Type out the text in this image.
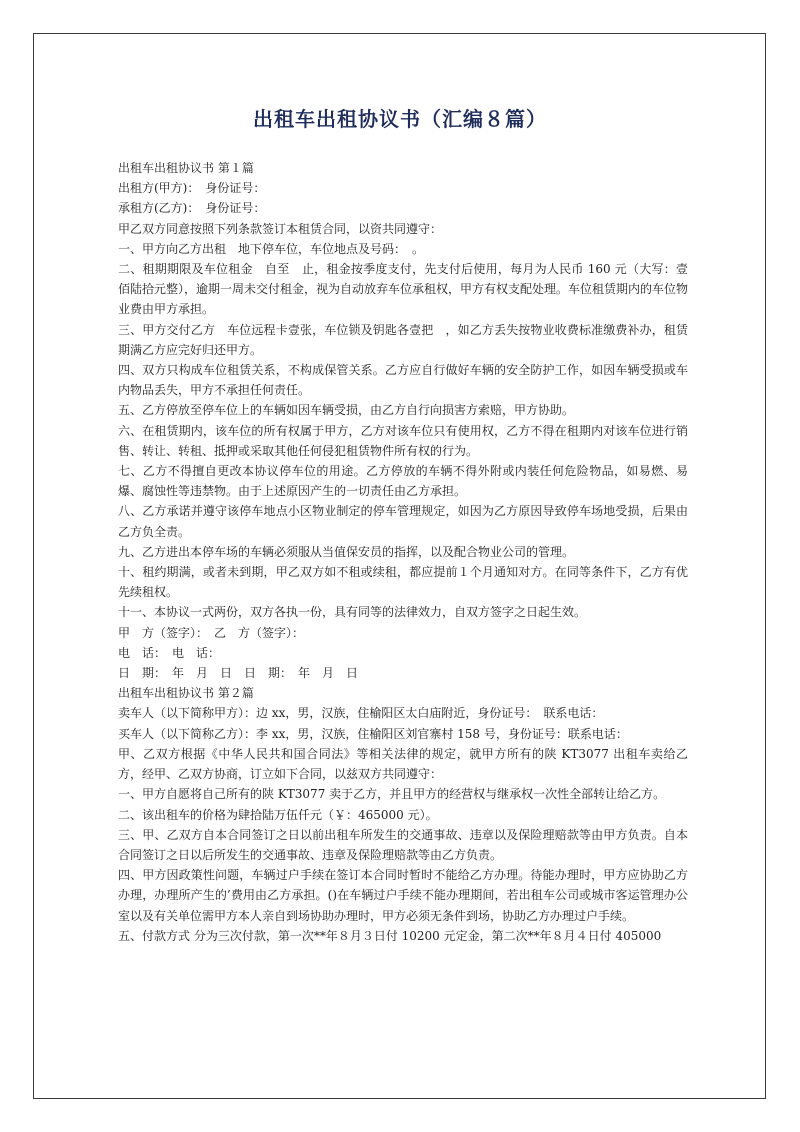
出租车出租协议书（汇编８篇）

出租车出租协议书 第１篇

出租方(甲方)：　身份证号：

承租方(乙方)：　身份证号：

甲乙双方同意按照下列条款签订本租赁合同，以资共同遵守：

一、甲方向乙方出租　地下停车位，车位地点及号码：　。

二、租期期限及车位租金　自至　止，租金按季度支付，先支付后使用，每月为人民币 160 元（大写：壹佰陆拾元整），逾期一周未交付租金，视为自动放弃车位承租权，甲方有权支配处理。车位租赁期内的车位物业费由甲方承担。

三、甲方交付乙方　车位远程卡壹张，车位锁及钥匙各壹把　，如乙方丢失按物业收费标准缴费补办，租赁期满乙方应完好归还甲方。

四、双方只构成车位租赁关系，不构成保管关系。乙方应自行做好车辆的安全防护工作，如因车辆受损或车内物品丢失，甲方不承担任何责任。

五、乙方停放至停车位上的车辆如因车辆受损，由乙方自行向损害方索赔，甲方协助。

六、在租赁期内，该车位的所有权属于甲方，乙方对该车位只有使用权，乙方不得在租期内对该车位进行销售、转让、转租、抵押或采取其他任何侵犯租赁物件所有权的行为。

七、乙方不得擅自更改本协议停车位的用途。乙方停放的车辆不得外附或内装任何危险物品，如易燃、易爆、腐蚀性等违禁物。由于上述原因产生的一切责任由乙方承担。

八、乙方承诺并遵守该停车地点小区物业制定的停车管理规定，如因为乙方原因导致停车场地受损，后果由乙方负全责。

九、乙方进出本停车场的车辆必须服从当值保安员的指挥，以及配合物业公司的管理。

十、租约期满，或者未到期，甲乙双方如不租或续租，都应提前１个月通知对方。在同等条件下，乙方有优先续租权。

十一、本协议一式两份，双方各执一份，具有同等的法律效力，自双方签字之日起生效。

甲　方（签字）：　乙　方（签字）：

电　话：　电　话：

日　期：　年　月　日　日　期：　年　月　日

出租车出租协议书 第２篇

卖车人（以下简称甲方）：边 xx，男，汉族，住榆阳区太白庙附近，身份证号：　联系电话：

买车人（以下简称乙方）：李 xx，男，汉族，住榆阳区刘官寨村 158 号，身份证号：联系电话：

甲、乙双方根据《中华人民共和国合同法》等相关法律的规定，就甲方所有的陕 KT3077 出租车卖给乙方，经甲、乙双方协商，订立如下合同，以兹双方共同遵守：

一、甲方自愿将自己所有的陕 KT3077 卖于乙方，并且甲方的经营权与继承权一次性全部转让给乙方。

二、该出租车的价格为肆拾陆万伍仟元（￥：465000 元）。

三、甲、乙双方自本合同签订之日以前出租车所发生的交通事故、违章以及保险理赔款等由甲方负责。自本合同签订之日以后所发生的交通事故、违章及保险理赔款等由乙方负责。

四、甲方因政策性问题，车辆过户手续在签订本合同时暂时不能给乙方办理。待能办理时，甲方应协助乙方办理，办理所产生的’费用由乙方承担。()在车辆过户手续不能办理期间，若出租车公司或城市客运管理办公室以及有关单位需甲方本人亲自到场协助办理时，甲方必须无条件到场，协助乙方办理过户手续。

五、付款方式 分为三次付款，第一次**年８月３日付 10200 元定金，第二次**年８月４日付 405000
